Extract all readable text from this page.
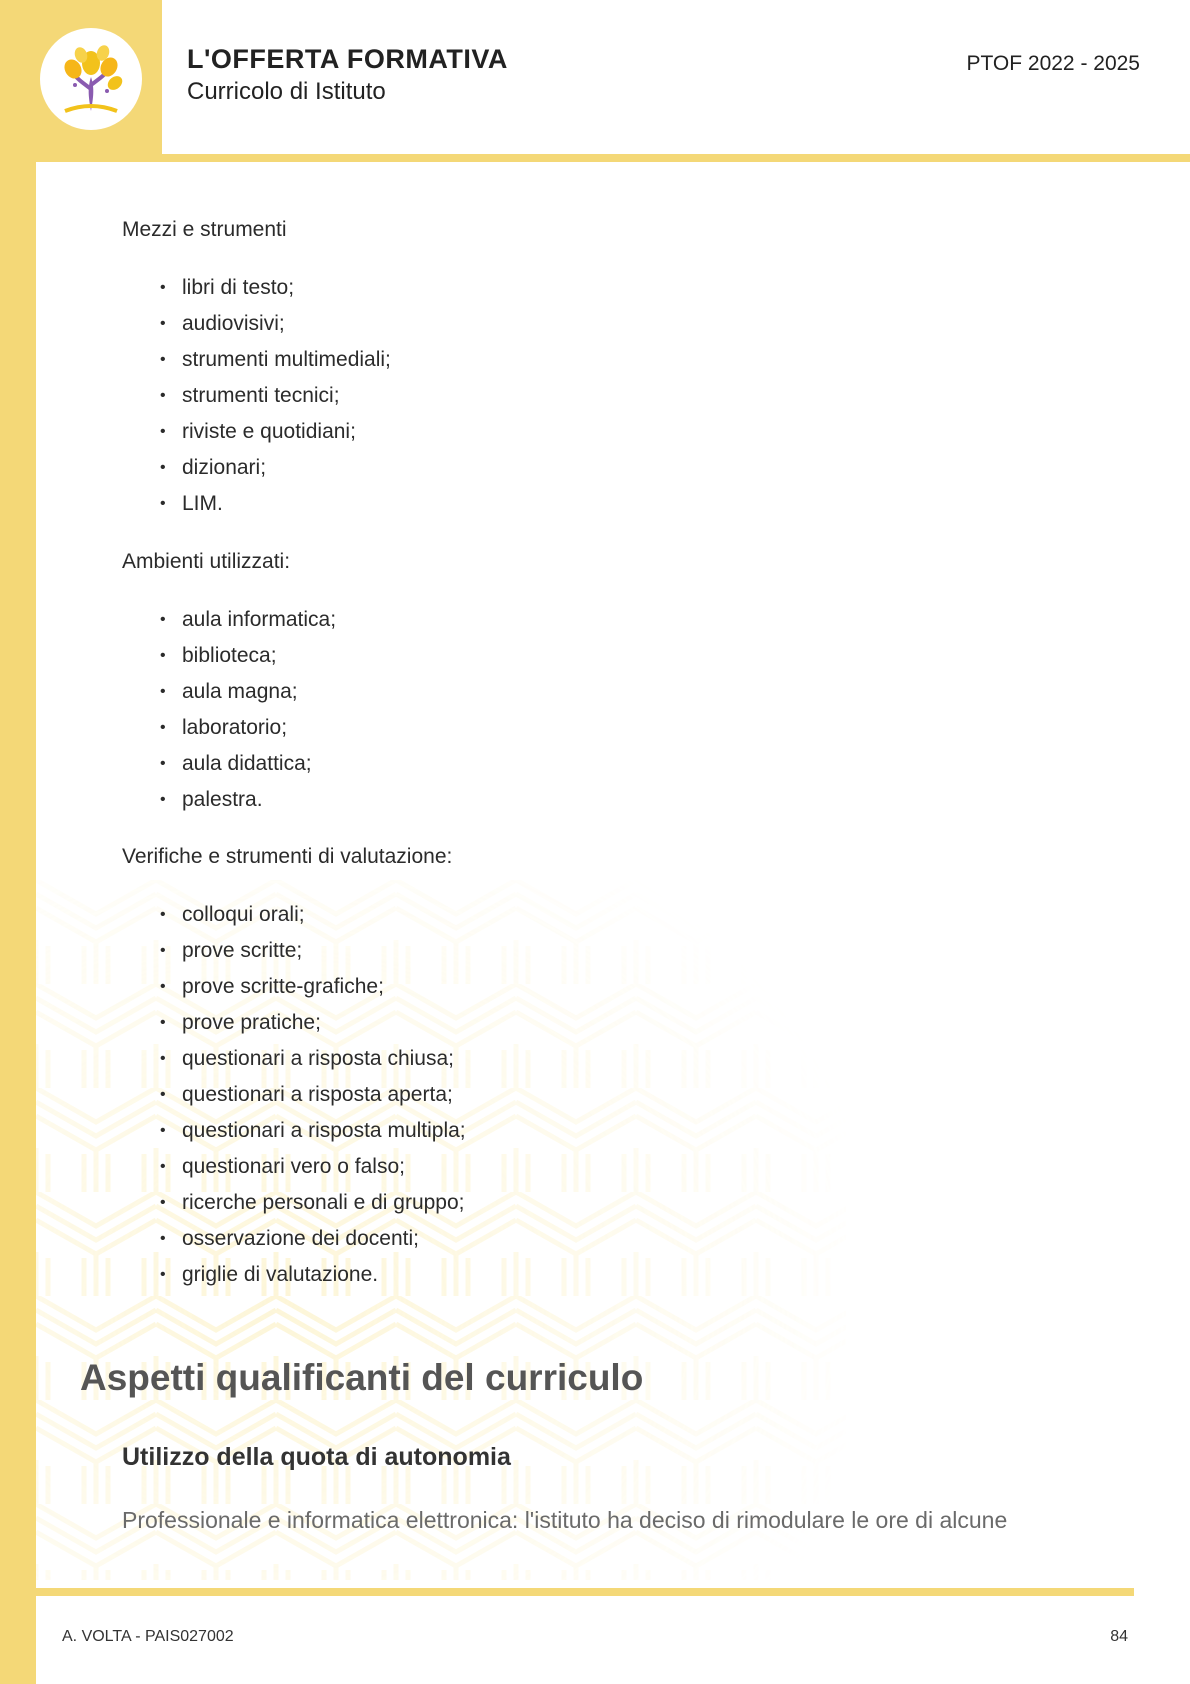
L'OFFERTA FORMATIVA
Curricolo di Istituto
PTOF 2022 - 2025
Mezzi e strumenti
• libri di testo;
• audiovisivi;
• strumenti multimediali;
• strumenti tecnici;
• riviste e quotidiani;
• dizionari;
• LIM.
Ambienti utilizzati:
• aula informatica;
• biblioteca;
• aula magna;
• laboratorio;
• aula didattica;
• palestra.
Verifiche e strumenti di valutazione:
• colloqui orali;
• prove scritte;
• prove scritte-grafiche;
• prove pratiche;
• questionari a risposta chiusa;
• questionari a risposta aperta;
• questionari a risposta multipla;
• questionari vero o falso;
• ricerche personali e di gruppo;
• osservazione dei docenti;
• griglie di valutazione.
Aspetti qualificanti del curriculo
Utilizzo della quota di autonomia
Professionale e informatica elettronica: l'istituto ha deciso di rimodulare le ore di alcune
A. VOLTA - PAIS027002	84
